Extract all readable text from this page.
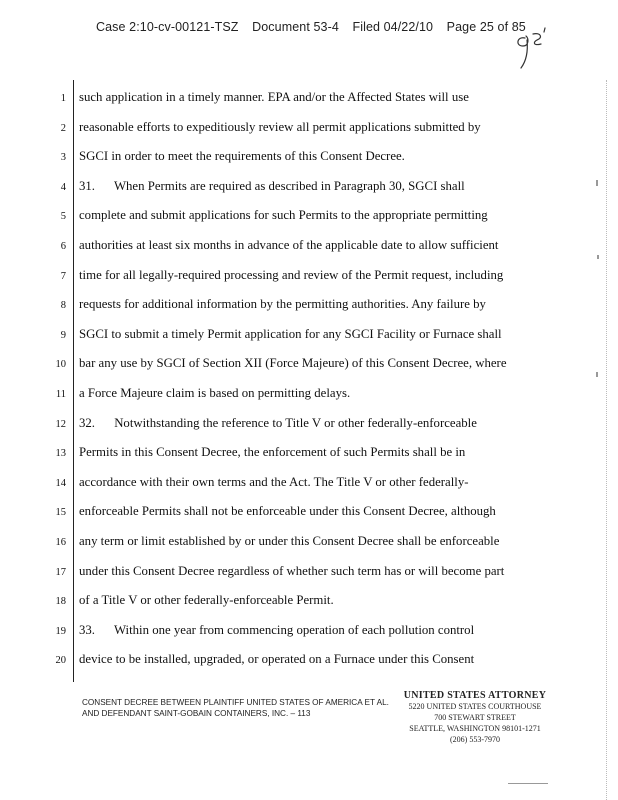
Case 2:10-cv-00121-TSZ Document 53-4 Filed 04/22/10 Page 25 of 85
1 such application in a timely manner. EPA and/or the Affected States will use
2 reasonable efforts to expeditiously review all permit applications submitted by
3 SGCI in order to meet the requirements of this Consent Decree.
4 31.      When Permits are required as described in Paragraph 30, SGCI shall
5 complete and submit applications for such Permits to the appropriate permitting
6 authorities at least six months in advance of the applicable date to allow sufficient
7 time for all legally-required processing and review of the Permit request, including
8 requests for additional information by the permitting authorities. Any failure by
9 SGCI to submit a timely Permit application for any SGCI Facility or Furnace shall
10 bar any use by SGCI of Section XII (Force Majeure) of this Consent Decree, where
11 a Force Majeure claim is based on permitting delays.
12 32.      Notwithstanding the reference to Title V or other federally-enforceable
13 Permits in this Consent Decree, the enforcement of such Permits shall be in
14 accordance with their own terms and the Act. The Title V or other federally-
15 enforceable Permits shall not be enforceable under this Consent Decree, although
16 any term or limit established by or under this Consent Decree shall be enforceable
17 under this Consent Decree regardless of whether such term has or will become part
18 of a Title V or other federally-enforceable Permit.
19 33.      Within one year from commencing operation of each pollution control
20 device to be installed, upgraded, or operated on a Furnace under this Consent
CONSENT DECREE BETWEEN PLAINTIFF UNITED STATES OF AMERICA ET AL.
AND DEFENDANT SAINT-GOBAIN CONTAINERS, INC. – 113
UNITED STATES ATTORNEY
5220 UNITED STATES COURTHOUSE
700 STEWART STREET
SEATTLE, WASHINGTON 98101-1271
(206) 553-7970
